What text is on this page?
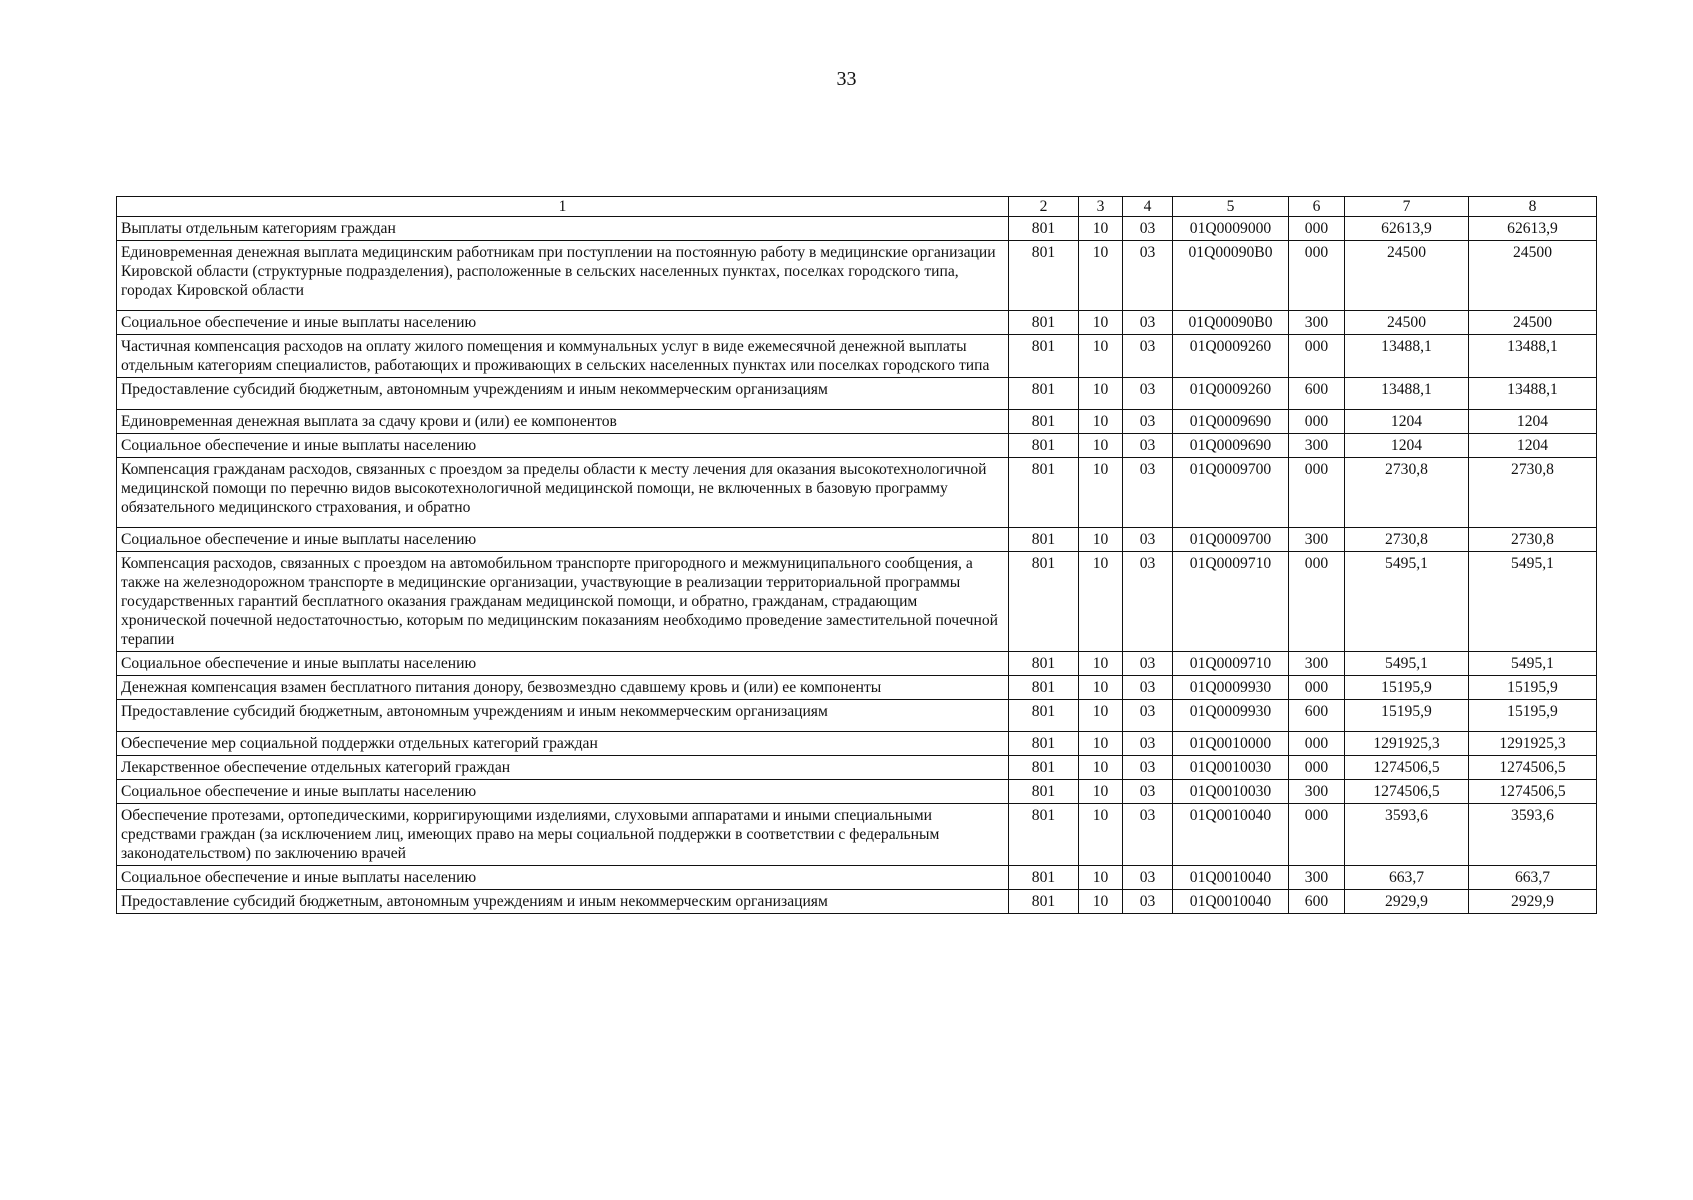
33
1	2	3	4	5	6	7	8
Выплаты отдельным категориям граждан	801	10	03	01Q0009000	000	62613,9	62613,9
Единовременная денежная выплата медицинским работникам при поступлении на постоянную работу в медицинские организации Кировской области (структурные подразделения), расположенные в сельских населенных пунктах, поселках городского типа, городах Кировской области	801	10	03	01Q00090B0	000	24500	24500
Социальное обеспечение и иные выплаты населению	801	10	03	01Q00090B0	300	24500	24500
Частичная компенсация расходов на оплату жилого помещения и коммунальных услуг в виде ежемесячной денежной выплаты отдельным категориям специалистов, работающих и проживающих в сельских населенных пунктах или поселках городского типа	801	10	03	01Q0009260	000	13488,1	13488,1
Предоставление субсидий бюджетным, автономным учреждениям и иным некоммерческим организациям	801	10	03	01Q0009260	600	13488,1	13488,1
Единовременная денежная выплата за сдачу крови и (или) ее компонентов	801	10	03	01Q0009690	000	1204	1204
Социальное обеспечение и иные выплаты населению	801	10	03	01Q0009690	300	1204	1204
Компенсация гражданам расходов, связанных с проездом за пределы области к месту лечения для оказания высокотехнологичной медицинской помощи по перечню видов высокотехнологичной медицинской помощи, не включенных в базовую программу обязательного медицинского страхования, и обратно	801	10	03	01Q0009700	000	2730,8	2730,8
Социальное обеспечение и иные выплаты населению	801	10	03	01Q0009700	300	2730,8	2730,8
Компенсация расходов, связанных с проездом на автомобильном транспорте пригородного и межмуниципального сообщения, а также на железнодорожном транспорте в медицинские организации, участвующие в реализации территориальной программы государственных гарантий бесплатного оказания гражданам медицинской помощи, и обратно, гражданам, страдающим хронической почечной недостаточностью, которым по медицинским показаниям необходимо проведение заместительной почечной терапии	801	10	03	01Q0009710	000	5495,1	5495,1
Социальное обеспечение и иные выплаты населению	801	10	03	01Q0009710	300	5495,1	5495,1
Денежная компенсация взамен бесплатного питания донору, безвозмездно сдавшему кровь и (или) ее компоненты	801	10	03	01Q0009930	000	15195,9	15195,9
Предоставление субсидий бюджетным, автономным учреждениям и иным некоммерческим организациям	801	10	03	01Q0009930	600	15195,9	15195,9
Обеспечение мер социальной поддержки отдельных категорий граждан	801	10	03	01Q0010000	000	1291925,3	1291925,3
Лекарственное обеспечение отдельных категорий граждан	801	10	03	01Q0010030	000	1274506,5	1274506,5
Социальное обеспечение и иные выплаты населению	801	10	03	01Q0010030	300	1274506,5	1274506,5
Обеспечение протезами, ортопедическими, корригирующими изделиями, слуховыми аппаратами и иными специальными средствами граждан (за исключением лиц, имеющих право на меры социальной поддержки в соответствии с федеральным законодательством) по заключению врачей	801	10	03	01Q0010040	000	3593,6	3593,6
Социальное обеспечение и иные выплаты населению	801	10	03	01Q0010040	300	663,7	663,7
Предоставление субсидий бюджетным, автономным учреждениям и иным некоммерческим организациям	801	10	03	01Q0010040	600	2929,9	2929,9
